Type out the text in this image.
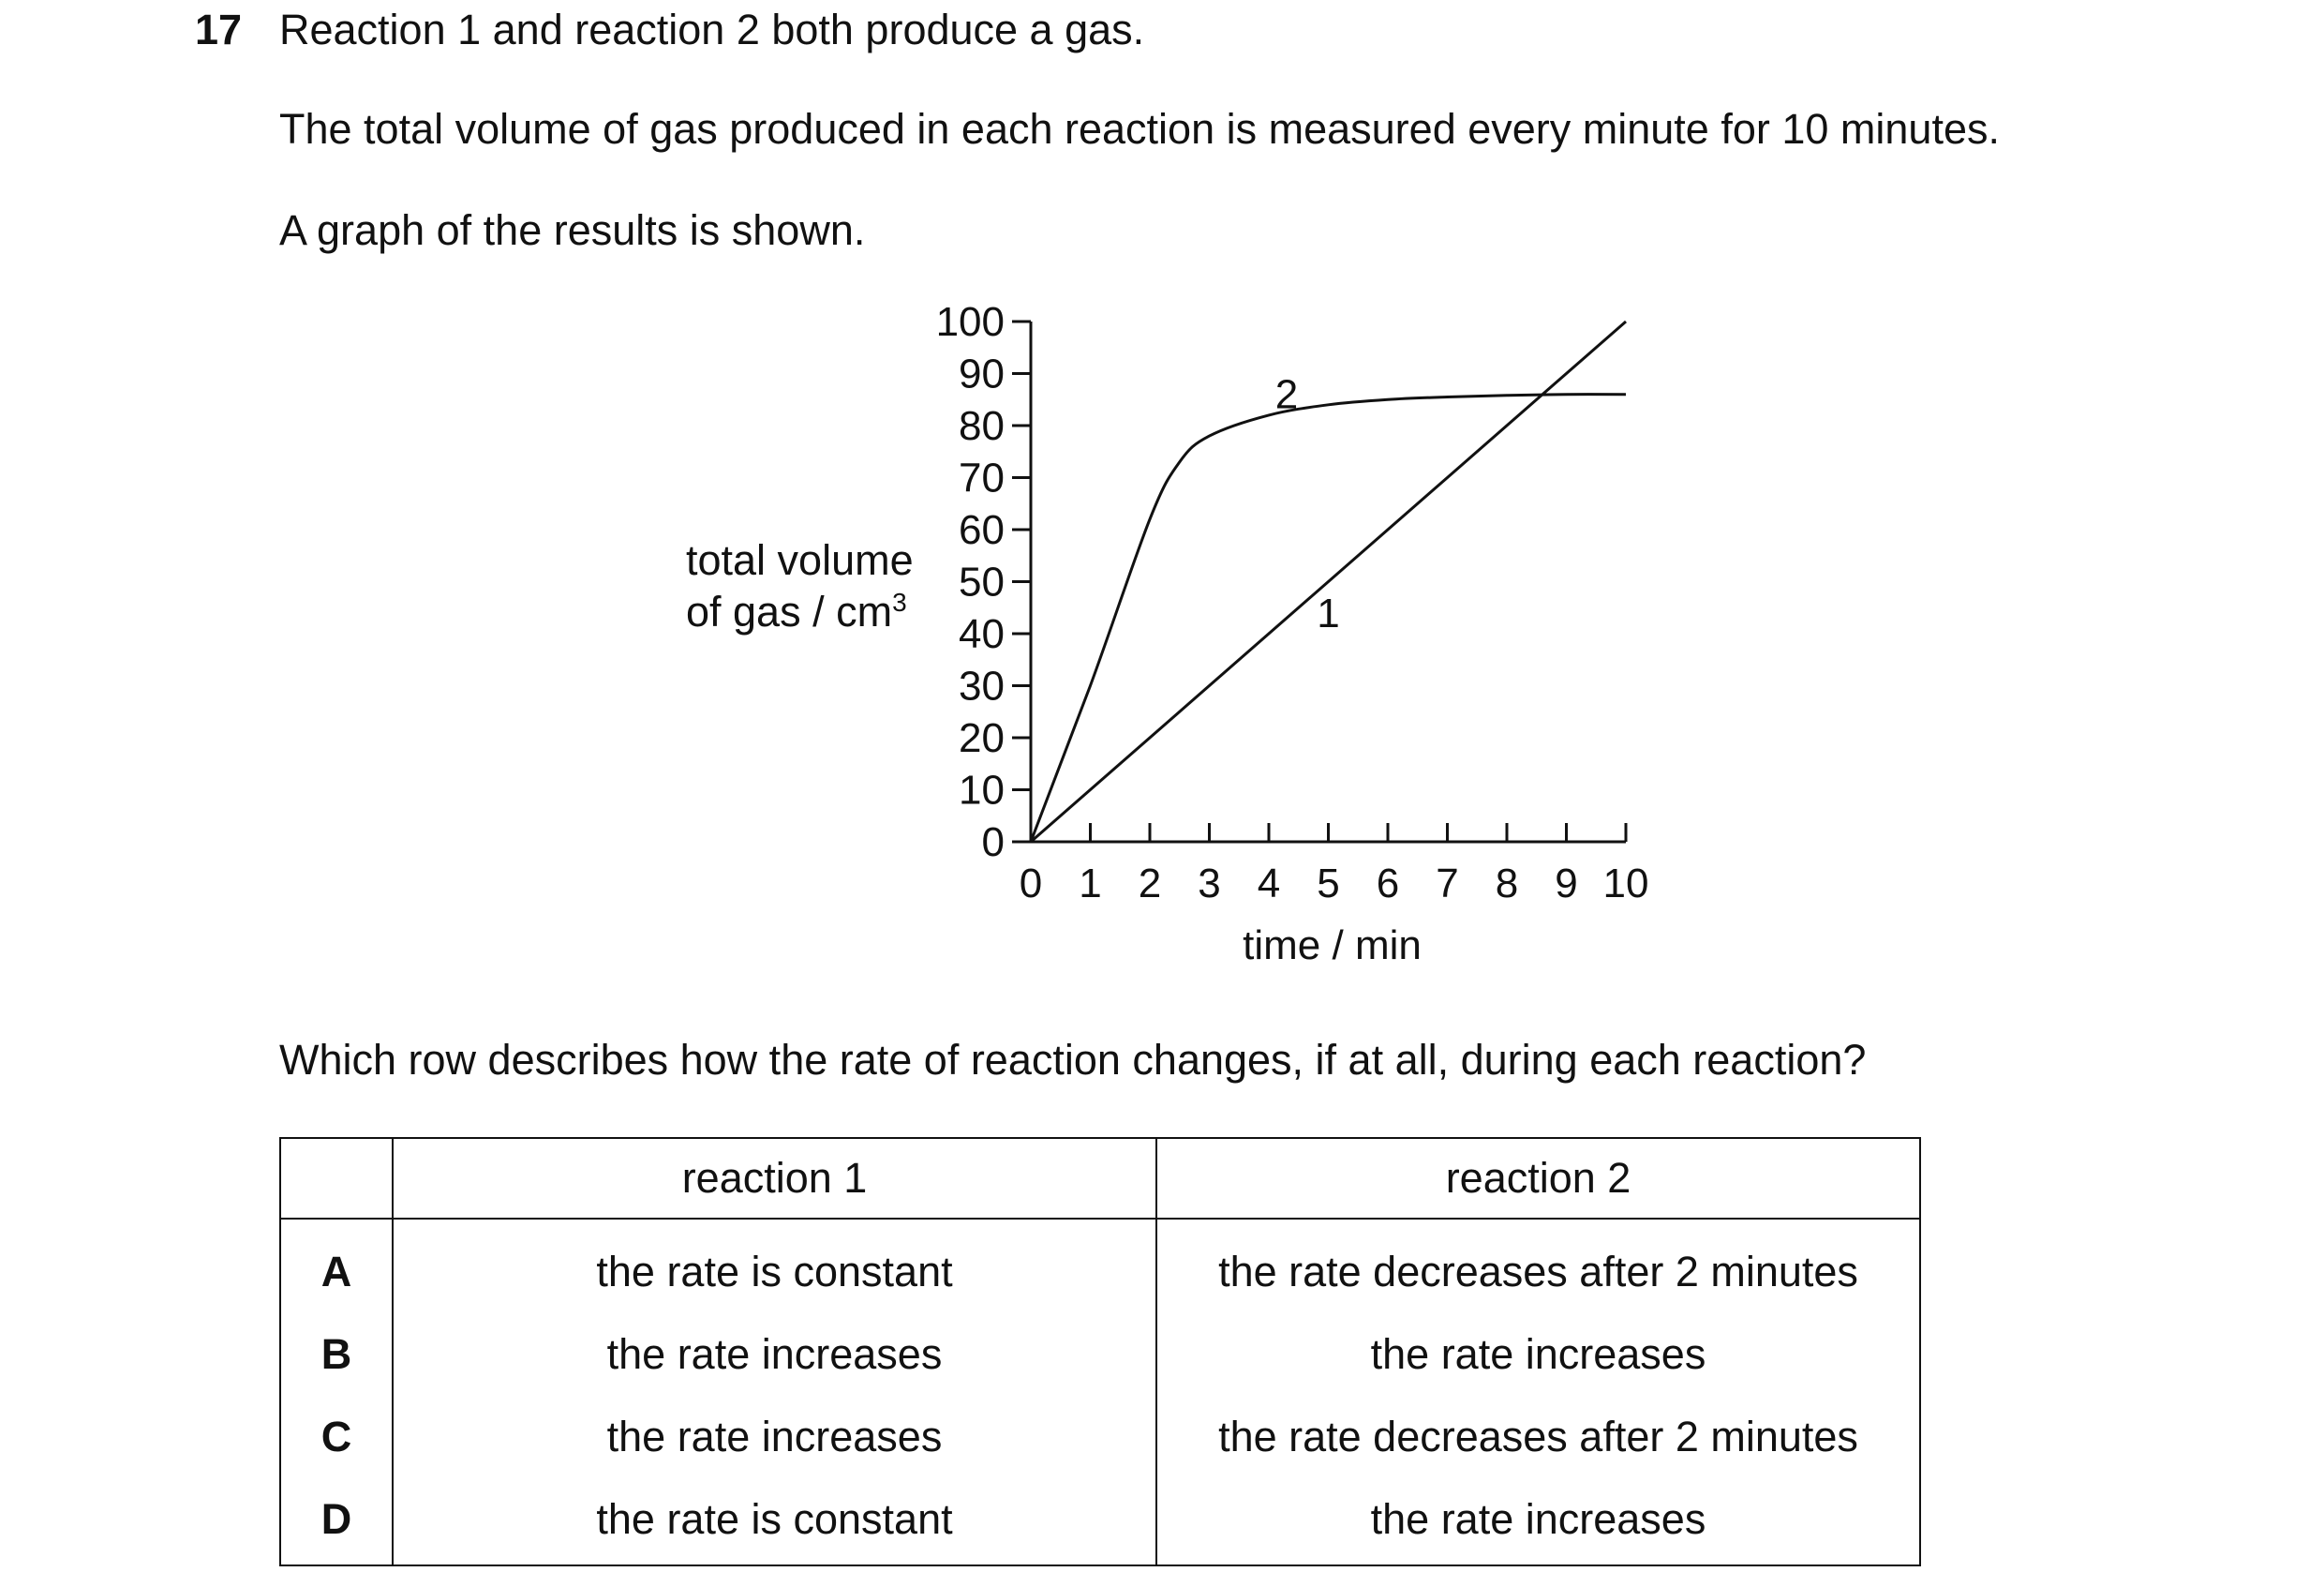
17 Reaction 1 and reaction 2 both produce a gas.
The total volume of gas produced in each reaction is measured every minute for 10 minutes.
A graph of the results is shown.
total volume
of gas / $cm^3$
0
10
20
30
40
50
60
70
80
90
100
0 1 2 3 4 5 6 7 8 9 10
1
2
time / min
Which row describes how the rate of reaction changes, if at all, during each reaction?
	reaction 1	reaction 2
A	the rate is constant	the rate decreases after 2 minutes
B	the rate increases	the rate increases
C	the rate increases	the rate decreases after 2 minutes
D	the rate is constant	the rate increases
